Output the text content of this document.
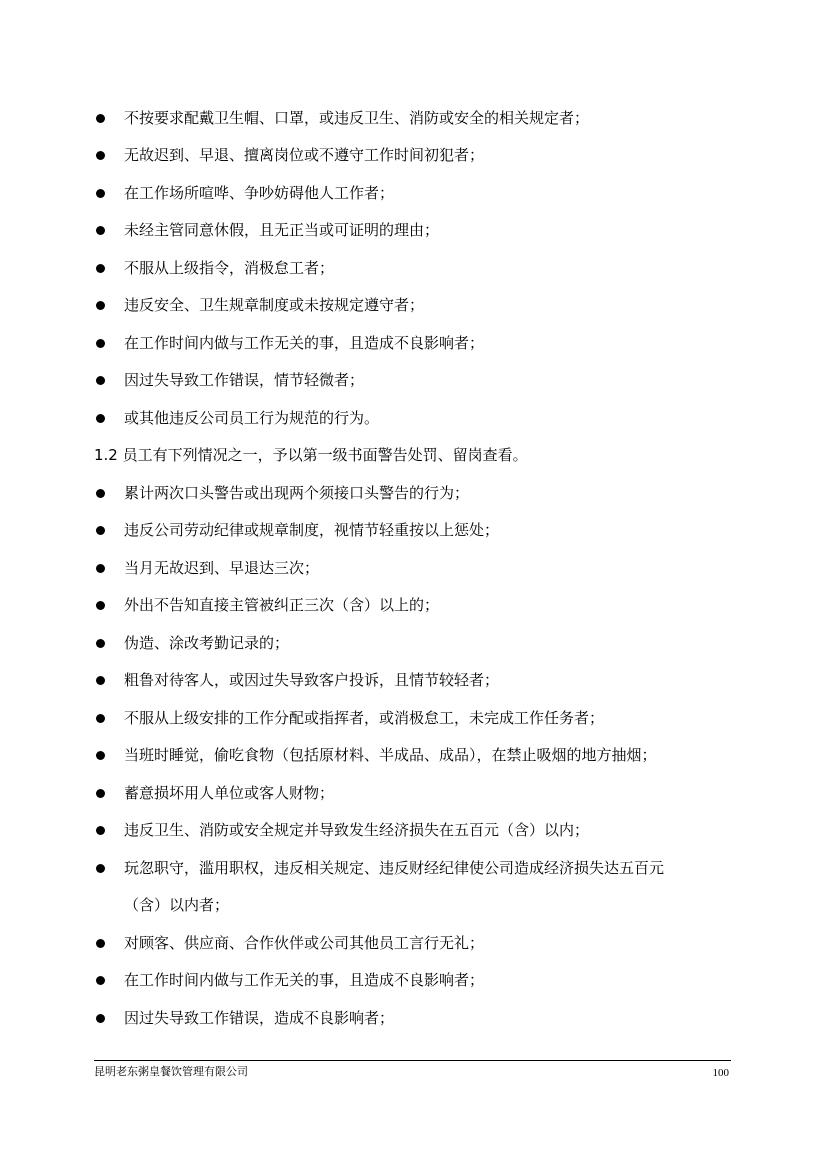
不按要求配戴卫生帽、口罩，或违反卫生、消防或安全的相关规定者；
无故迟到、早退、擅离岗位或不遵守工作时间初犯者；
在工作场所喧哗、争吵妨碍他人工作者；
未经主管同意休假，且无正当或可证明的理由；
不服从上级指令，消极怠工者；
违反安全、卫生规章制度或未按规定遵守者；
在工作时间内做与工作无关的事，且造成不良影响者；
因过失导致工作错误，情节轻微者；
或其他违反公司员工行为规范的行为。
1.2 员工有下列情况之一，予以第一级书面警告处罚、留岗查看。
累计两次口头警告或出现两个须接口头警告的行为；
违反公司劳动纪律或规章制度，视情节轻重按以上惩处；
当月无故迟到、早退达三次；
外出不告知直接主管被纠正三次（含）以上的；
伪造、涂改考勤记录的；
粗鲁对待客人，或因过失导致客户投诉，且情节较轻者；
不服从上级安排的工作分配或指挥者，或消极怠工，未完成工作任务者；
当班时睡觉，偷吃食物（包括原材料、半成品、成品），在禁止吸烟的地方抽烟；
蓄意损坏用人单位或客人财物；
违反卫生、消防或安全规定并导致发生经济损失在五百元（含）以内；
玩忽职守，滥用职权，违反相关规定、违反财经纪律使公司造成经济损失达五百元
（含）以内者；
对顾客、供应商、合作伙伴或公司其他员工言行无礼；
在工作时间内做与工作无关的事，且造成不良影响者；
因过失导致工作错误，造成不良影响者；
昆明老东粥皇餐饮管理有限公司	100
